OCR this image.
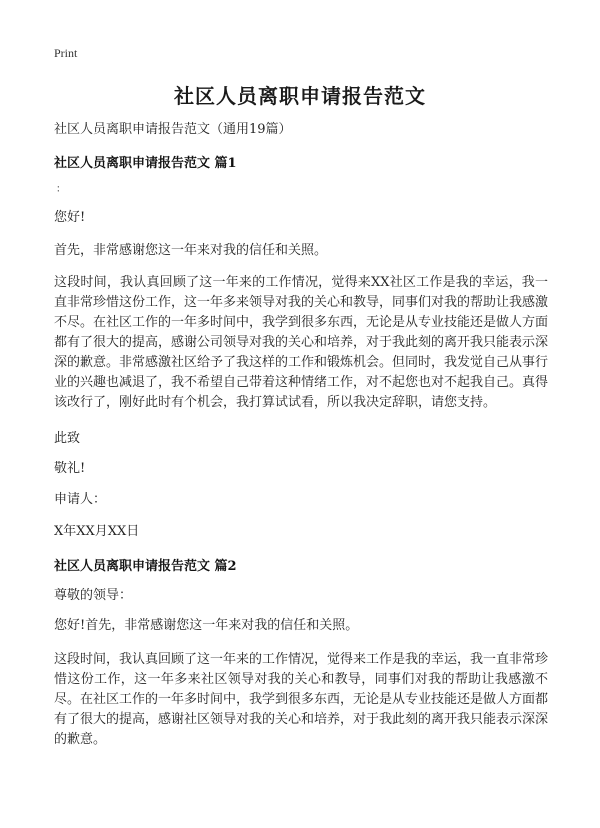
Print
社区人员离职申请报告范文

社区人员离职申请报告范文（通用19篇）

社区人员离职申请报告范文 篇1
：

您好!

首先，非常感谢您这一年来对我的信任和关照。

这段时间，我认真回顾了这一年来的工作情况，觉得来XX社区工作是我的幸运，我一直非常珍惜这份工作，这一年多来领导对我的关心和教导，同事们对我的帮助让我感激不尽。在社区工作的一年多时间中，我学到很多东西，无论是从专业技能还是做人方面都有了很大的提高，感谢公司领导对我的关心和培养，对于我此刻的离开我只能表示深深的歉意。非常感激社区给予了我这样的工作和锻炼机会。但同时，我发觉自己从事行业的兴趣也减退了，我不希望自己带着这种情绪工作，对不起您也对不起我自己。真得该改行了，刚好此时有个机会，我打算试试看，所以我决定辞职，请您支持。

此致

敬礼!

申请人：

X年XX月XX日

社区人员离职申请报告范文 篇2

尊敬的领导：

您好!首先，非常感谢您这一年来对我的信任和关照。

这段时间，我认真回顾了这一年来的工作情况，觉得来工作是我的幸运，我一直非常珍惜这份工作，这一年多来社区领导对我的关心和教导，同事们对我的帮助让我感激不尽。在社区工作的一年多时间中，我学到很多东西，无论是从专业技能还是做人方面都有了很大的提高，感谢社区领导对我的关心和培养，对于我此刻的离开我只能表示深深的歉意。
